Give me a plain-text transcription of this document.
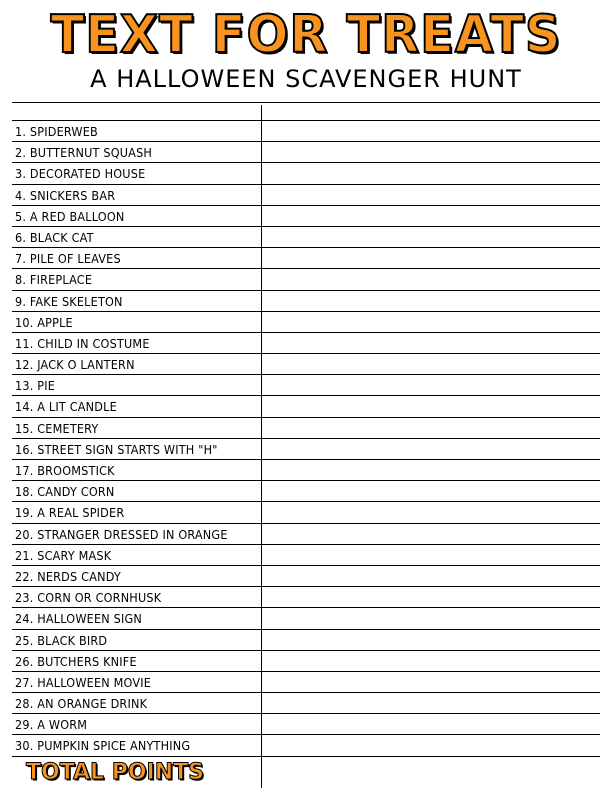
TEXT FOR TREATS
A HALLOWEEN SCAVENGER HUNT
1. SPIDERWEB
2. BUTTERNUT SQUASH
3. DECORATED HOUSE
4. SNICKERS BAR
5. A RED BALLOON
6. BLACK CAT
7. PILE OF LEAVES
8. FIREPLACE
9. FAKE SKELETON
10. APPLE
11. CHILD IN COSTUME
12. JACK O LANTERN
13. PIE
14. A LIT CANDLE
15. CEMETERY
16. STREET SIGN STARTS WITH "H"
17. BROOMSTICK
18. CANDY CORN
19. A REAL SPIDER
20. STRANGER DRESSED IN ORANGE
21. SCARY MASK
22. NERDS CANDY
23. CORN OR CORNHUSK
24. HALLOWEEN SIGN
25. BLACK BIRD
26. BUTCHERS KNIFE
27. HALLOWEEN MOVIE
28. AN ORANGE DRINK
29. A WORM
30. PUMPKIN SPICE ANYTHING
TOTAL POINTS
